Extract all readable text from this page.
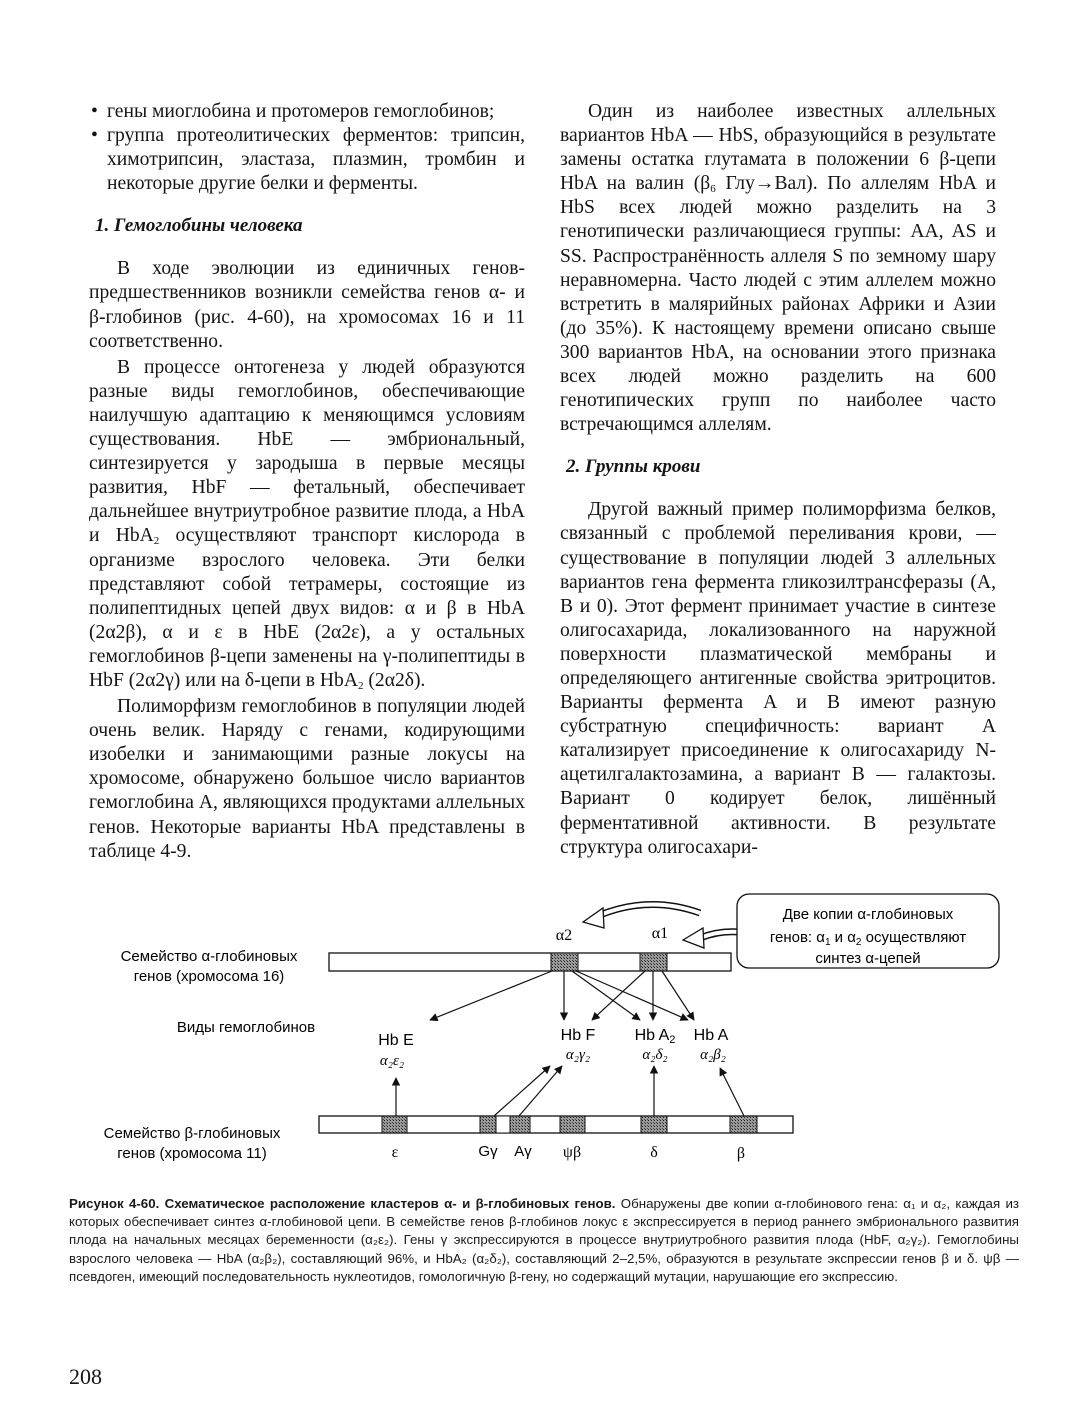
• гены миоглобина и протомеров гемоглобинов;
• группа протеолитических ферментов: трипсин, химотрипсин, эластаза, плазмин, тромбин и некоторые другие белки и ферменты.
1. Гемоглобины человека

В ходе эволюции из единичных генов-предшественников возникли семейства генов α- и β-глобинов (рис. 4-60), на хромосомах 16 и 11 соответственно.

В процессе онтогенеза у людей образуются разные виды гемоглобинов, обеспечивающие наилучшую адаптацию к меняющимся условиям существования. HbE — эмбриональный, синтезируется у зародыша в первые месяцы развития, HbF — фетальный, обеспечивает дальнейшее внутриутробное развитие плода, а HbA и HbA$_2$ осуществляют транспорт кислорода в организме взрослого человека. Эти белки представляют собой тетрамеры, состоящие из полипептидных цепей двух видов: α и β в HbA (2α2β), α и ε в HbE (2α2ε), а у остальных гемоглобинов β-цепи заменены на γ-полипептиды в HbF (2α2γ) или на δ-цепи в HbA$_2$ (2α2δ).

Полиморфизм гемоглобинов в популяции людей очень велик. Наряду с генами, кодирующими изобелки и занимающими разные локусы на хромосоме, обнаружено большое число вариантов гемоглобина А, являющихся продуктами аллельных генов. Некоторые варианты HbA представлены в таблице 4-9.

Один из наиболее известных аллельных вариантов HbA — HbS, образующийся в результате замены остатка глутамата в положении 6 β-цепи HbA на валин ($\beta_6$ Глу→Вал). По аллелям HbA и HbS всех людей можно разделить на 3 генотипически различающиеся группы: AA, AS и SS. Распространённость аллеля S по земному шару неравномерна. Часто людей с этим аллелем можно встретить в малярийных районах Африки и Азии (до 35%). К настоящему времени описано свыше 300 вариантов HbA, на основании этого признака всех людей можно разделить на 600 генотипических групп по наиболее часто встречающимся аллелям.

2. Группы крови

Другой важный пример полиморфизма белков, связанный с проблемой переливания крови, — существование в популяции людей 3 аллельных вариантов гена фермента гликозилтрансферазы (A, B и 0). Этот фермент принимает участие в синтезе олигосахарида, локализованного на наружной поверхности плазматической мембраны и определяющего антигенные свойства эритроцитов. Варианты фермента A и B имеют разную субстратную специфичность: вариант А катализирует присоединение к олигосахариду N-ацетилгалактозамина, а вариант В — галактозы. Вариант 0 кодирует белок, лишённый ферментативной активности. В результате структура олигосахари-

Семейство α-глобиновых
генов (хромосома 16)
Виды гемоглобинов
Семейство β-глобиновых
генов (хромосома 11)
α2	α1
Две копии α-глобиновых
генов: $\alpha_1$ и $\alpha_2$ осуществляют
синтез α-цепей
Hb E	Hb F Hb A2 Hb A
α₂ε₂	α₂γ₂	α₂δ₂ α₂β₂
ε	Gγ Aγ ψβ	δ	β
Рисунок 4-60. Схематическое расположение кластеров α- и β-глобиновых генов. Обнаружены две копии α-глобинового гена: α₁ и α₂, каждая из которых обеспечивает синтез α-глобиновой цепи. В семействе генов β-глобинов локус ε экспрессируется в период раннего эмбрионального развития плода на начальных месяцах беременности (α₂ε₂). Гены γ экспрессируются в процессе внутриутробного развития плода (HbF, α₂γ₂). Гемоглобины взрослого человека — HbA (α₂β₂), составляющий 96%, и HbA₂ (α₂δ₂), составляющий 2–2,5%, образуются в результате экспрессии генов β и δ. ψβ — псевдоген, имеющий последовательность нуклеотидов, гомологичную β-гену, но содержащий мутации, нарушающие его экспрессию.
208
